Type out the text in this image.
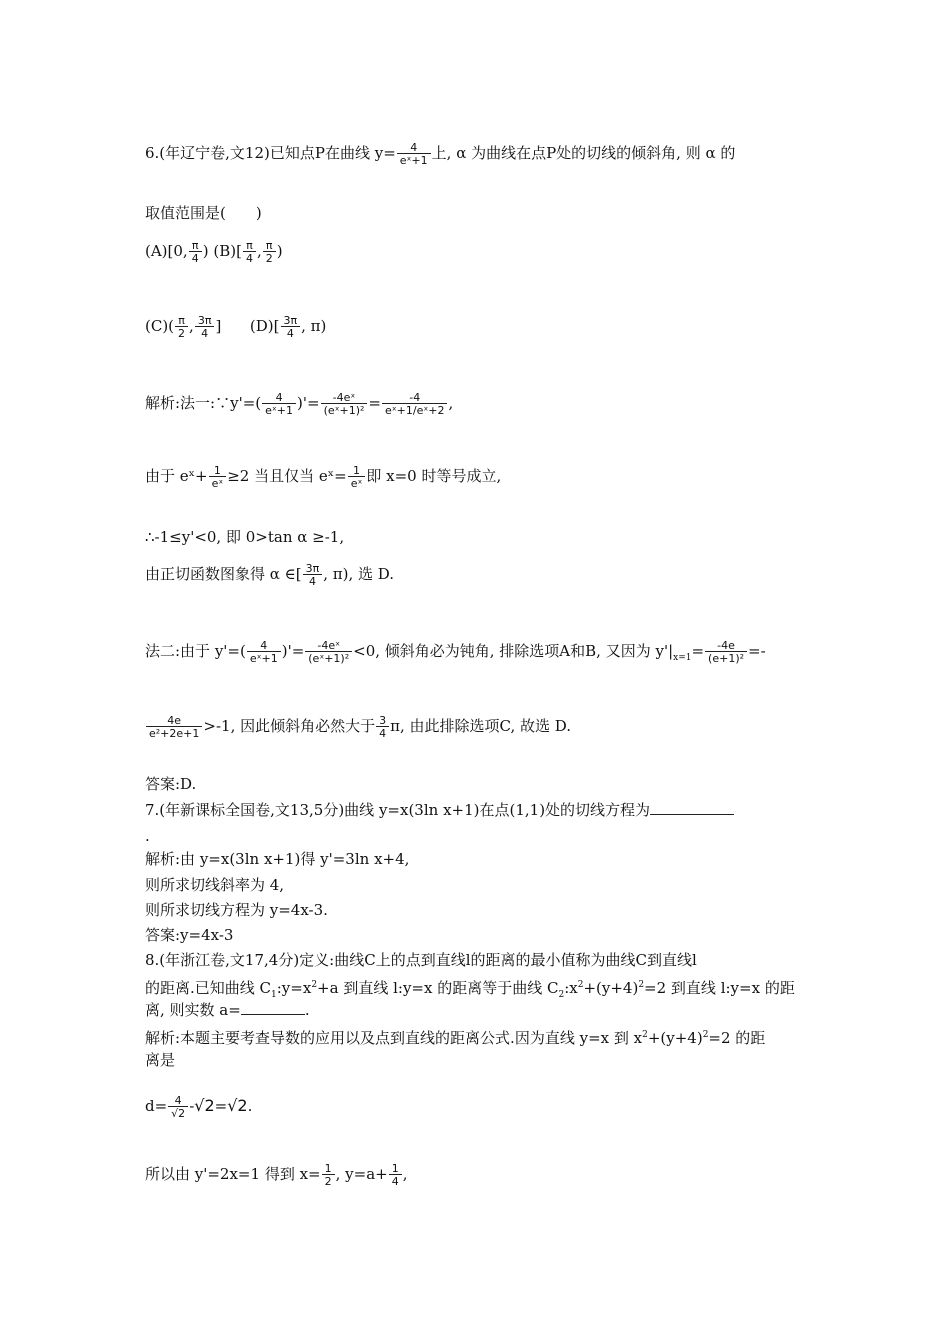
6.(年辽宁卷,文12)已知点P在曲线 $y= \frac{4}{\text{eˣ+1}}$ 上, α 为曲线在点P处的切线的倾斜角, 则 α 的
取值范围是(　　)
(A)[0, $\frac{\pi}{4}$ ) $(B)[ \frac{\pi}{4}$ , $\frac{\pi}{2}$ )
$(C)( \frac{\pi}{2}$ , $\frac{3\pi}{4}$ ] $(D)[ \frac{3\pi}{4}$ , π)
解析:法一:∵y'=( $\frac{4}{\text{eˣ+1}}$ )'= $\frac{\text{-4eˣ}}{\text{(eˣ+1)²}} = \frac{-4}{\text{eˣ+1/eˣ+2}}$ ,
由于 eˣ+ $\frac{1}{\text{eˣ}} \ge 2$ 当且仅当 eˣ= $\frac{1}{\text{eˣ}}$ 即 x=0 时等号成立,
∴-1≤y'<0, 即 0>tan α ≥-1,
由正切函数图象得 α ∈[ $\frac{3\pi}{4}$ , π), 选 D.
法二:由于 $y'=( \frac{4}{\text{eˣ+1}}$ )'= $\frac{\text{-4eˣ}}{\text{(eˣ+1)²}} <0$, 倾斜角必为钝角, 排除选项A和B, 又因为 $y'|_{x=1}= \frac{-4e}{\text{(e+1)²}}$ =-
$\frac{4e}{\text{e²+2e+1}} >-1$, 因此倾斜角必然大于 $\frac{3}{4} \pi$, 由此排除选项C, 故选 D.
答案:D.
7.(年新课标全国卷,文13,5分)曲线 y=x(3ln x+1)在点(1,1)处的切线方程为
.
解析:由 y=x(3ln x+1)得 y'=3ln x+4,
则所求切线斜率为 4,
则所求切线方程为 y=4x-3.
答案:y=4x-3
8.(年浙江卷,文17,4分)定义:曲线C上的点到直线l的距离的最小值称为曲线C到直线l
的距离.已知曲线 $C_1:y=x^2+a$ 到直线 l:y=x 的距离等于曲线 $C_2:x^2+(y+4)^2=2$ 到直线 l:y=x 的距
离, 则实数 a=	.
解析:本题主要考查导数的应用以及点到直线的距离公式.因为直线 y=x 到 $x^2+(y+4)^2=2$ 的距
离是
$d= \frac{4}{√2} -√2=√2$.
所以由 y'=2x=1 得到 $x= \frac{1}{2}$ , $y=a+ \frac{1}{4}$ ,
